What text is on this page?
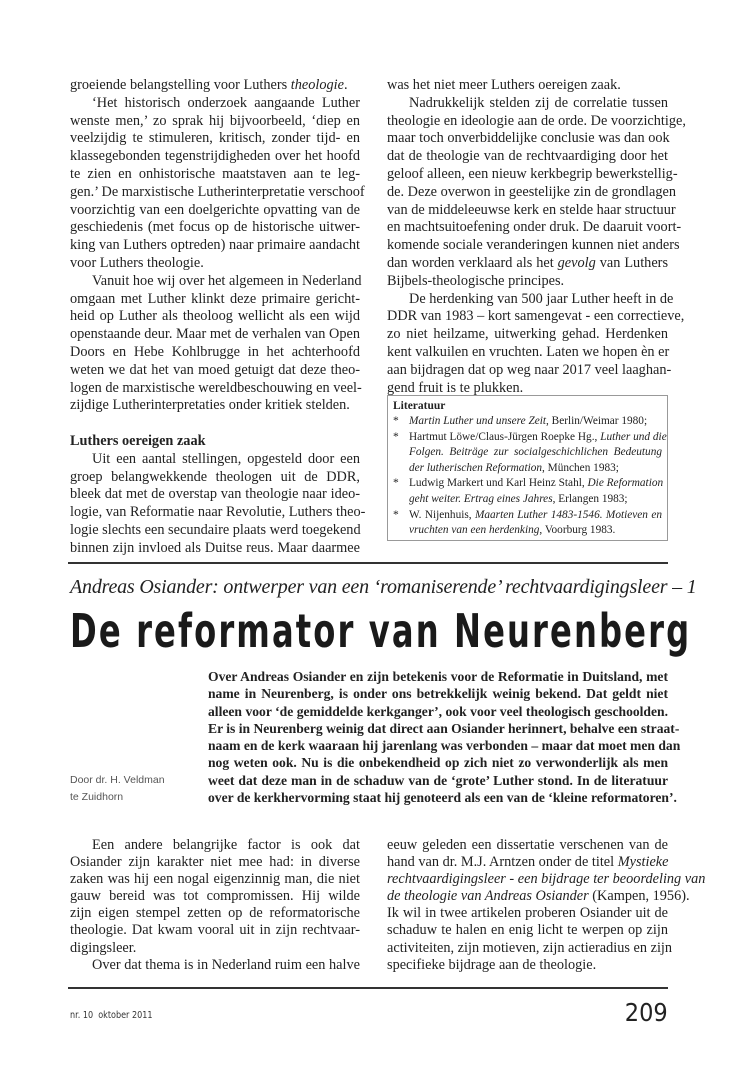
groeiende belangstelling voor Luthers theologie.
‘Het historisch onderzoek aangaande Luther
wenste men,’ zo sprak hij bijvoorbeeld, ‘diep en
veelzijdig te stimuleren, kritisch, zonder tijd- en
klassegebonden tegenstrijdigheden over het hoofd
te zien en onhistorische maatstaven aan te leg-
gen.’ De marxistische Lutherinterpretatie verschoof
voorzichtig van een doelgerichte opvatting van de
geschiedenis (met focus op de historische uitwer-
king van Luthers optreden) naar primaire aandacht
voor Luthers theologie.
Vanuit hoe wij over het algemeen in Nederland
omgaan met Luther klinkt deze primaire gericht-
heid op Luther als theoloog wellicht als een wijd
openstaande deur. Maar met de verhalen van Open
Doors en Hebe Kohlbrugge in het achterhoofd
weten we dat het van moed getuigt dat deze theo-
logen de marxistische wereldbeschouwing en veel-
zijdige Lutherinterpretaties onder kritiek stelden.
Luthers oereigen zaak
Uit een aantal stellingen, opgesteld door een
groep belangwekkende theologen uit de DDR,
bleek dat met de overstap van theologie naar ideo-
logie, van Reformatie naar Revolutie, Luthers theo-
logie slechts een secundaire plaats werd toegekend
binnen zijn invloed als Duitse reus. Maar daarmee
was het niet meer Luthers oereigen zaak.
Nadrukkelijk stelden zij de correlatie tussen
theologie en ideologie aan de orde. De voorzichtige,
maar toch onverbiddelijke conclusie was dan ook
dat de theologie van de rechtvaardiging door het
geloof alleen, een nieuw kerkbegrip bewerkstellig-
de. Deze overwon in geestelijke zin de grondlagen
van de middeleeuwse kerk en stelde haar structuur
en machtsuitoefening onder druk. De daaruit voort-
komende sociale veranderingen kunnen niet anders
dan worden verklaard als het gevolg van Luthers
Bijbels-theologische principes.
De herdenking van 500 jaar Luther heeft in de
DDR van 1983 – kort samengevat - een correctieve,
zo niet heilzame, uitwerking gehad. Herdenken
kent valkuilen en vruchten. Laten we hopen èn er
aan bijdragen dat op weg naar 2017 veel laaghan-
gend fruit is te plukken.
Literatuur
* Martin Luther und unsere Zeit, Berlin/Weimar 1980;
* Hartmut Löwe/Claus-Jürgen Roepke Hg., Luther und die
Folgen. Beiträge zur socialgeschichlichen Bedeutung
der lutherischen Reformation, München 1983;
* Ludwig Markert und Karl Heinz Stahl, Die Reformation
geht weiter. Ertrag eines Jahres, Erlangen 1983;
* W. Nijenhuis, Maarten Luther 1483-1546. Motieven en
vruchten van een herdenking, Voorburg 1983.
Andreas Osiander: ontwerper van een ‘romaniserende’ rechtvaardigingsleer – 1
De reformator van Neurenberg
Over Andreas Osiander en zijn betekenis voor de Reformatie in Duitsland, met
name in Neurenberg, is onder ons betrekkelijk weinig bekend. Dat geldt niet
alleen voor ‘de gemiddelde kerkganger’, ook voor veel theologisch geschoolden.
Er is in Neurenberg weinig dat direct aan Osiander herinnert, behalve een straat-
naam en de kerk waaraan hij jarenlang was verbonden – maar dat moet men dan
nog weten ook. Nu is die onbekendheid op zich niet zo verwonderlijk als men
weet dat deze man in de schaduw van de ‘grote’ Luther stond. In de literatuur
over de kerkhervorming staat hij genoteerd als een van de ‘kleine reformatoren’.
Door dr. H. Veldman
te Zuidhorn
Een andere belangrijke factor is ook dat
Osiander zijn karakter niet mee had: in diverse
zaken was hij een nogal eigenzinnig man, die niet
gauw bereid was tot compromissen. Hij wilde
zijn eigen stempel zetten op de reformatorische
theologie. Dat kwam vooral uit in zijn rechtvaar-
digingsleer.
Over dat thema is in Nederland ruim een halve
eeuw geleden een dissertatie verschenen van de
hand van dr. M.J. Arntzen onder de titel Mystieke
rechtvaardigingsleer - een bijdrage ter beoordeling van
de theologie van Andreas Osiander (Kampen, 1956).
Ik wil in twee artikelen proberen Osiander uit de
schaduw te halen en enig licht te werpen op zijn
activiteiten, zijn motieven, zijn actieradius en zijn
specifieke bijdrage aan de theologie.
nr. 10  oktober 2011	209
